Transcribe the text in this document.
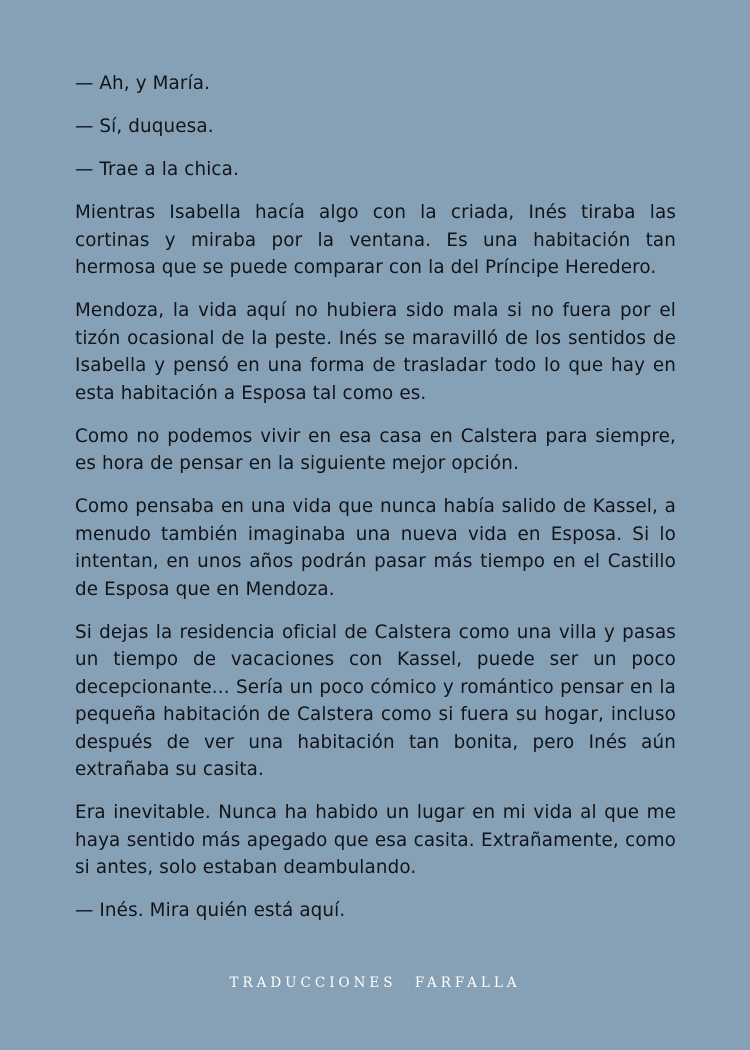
— Ah, y María.

— Sí, duquesa.

— Trae a la chica.

Mientras Isabella hacía algo con la criada, Inés tiraba las cortinas y miraba por la ventana. Es una habitación tan hermosa que se puede comparar con la del Príncipe Heredero.

Mendoza, la vida aquí no hubiera sido mala si no fuera por el tizón ocasional de la peste. Inés se maravilló de los sentidos de Isabella y pensó en una forma de trasladar todo lo que hay en esta habitación a Esposa tal como es.

Como no podemos vivir en esa casa en Calstera para siempre, es hora de pensar en la siguiente mejor opción.

Como pensaba en una vida que nunca había salido de Kassel, a menudo también imaginaba una nueva vida en Esposa. Si lo intentan, en unos años podrán pasar más tiempo en el Castillo de Esposa que en Mendoza.

Si dejas la residencia oficial de Calstera como una villa y pasas un tiempo de vacaciones con Kassel, puede ser un poco decepcionante... Sería un poco cómico y romántico pensar en la pequeña habitación de Calstera como si fuera su hogar, incluso después de ver una habitación tan bonita, pero Inés aún extrañaba su casita.

Era inevitable. Nunca ha habido un lugar en mi vida al que me haya sentido más apegado que esa casita. Extrañamente, como si antes, solo estaban deambulando.

— Inés. Mira quién está aquí.

TRADUCCIONES FARFALLA
